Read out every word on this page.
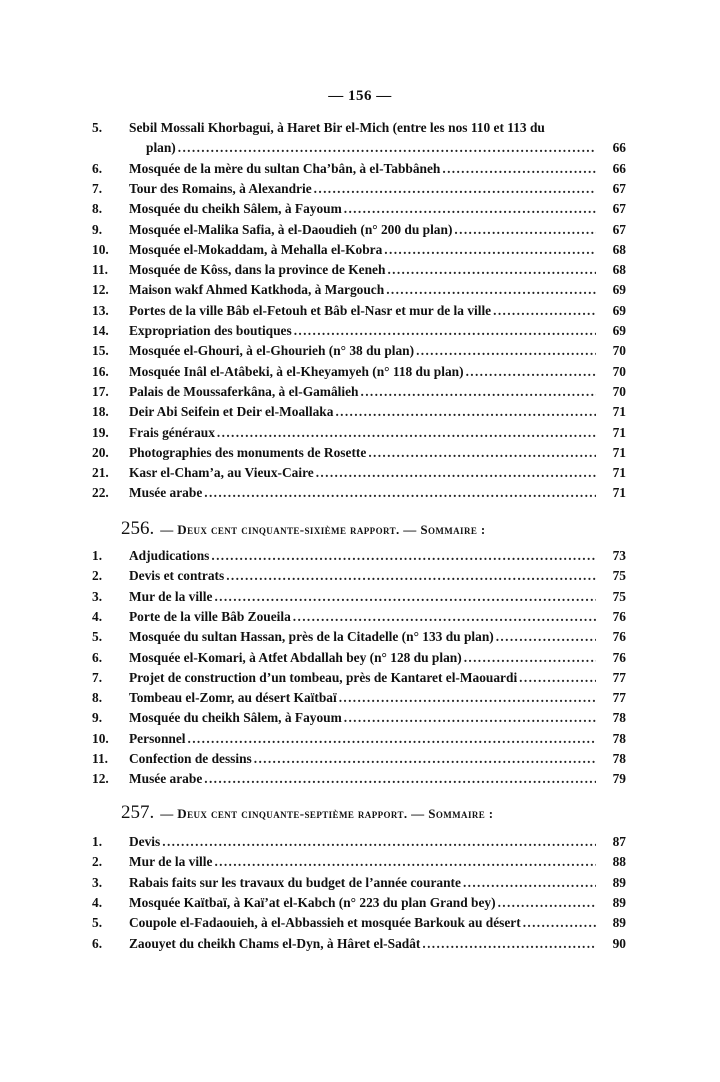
— 156 —
5.	Sebil Mossali Khorbagui, à Haret Bir el-Mich (entre les nos 110 et 113 du
plan) . . .	66
6.	Mosquée de la mère du sultan Cha’bân, à el-Tabbâneh . . .	66
7.	Tour des Romains, à Alexandrie . . .	67
8.	Mosquée du cheikh Sâlem, à Fayoum . . .	67
9.	Mosquée el-Malika Safia, à el-Daoudieh (n° 200 du plan) . . .	67
10.	Mosquée el-Mokaddam, à Mehalla el-Kobra . . .	68
11.	Mosquée de Kôss, dans la province de Keneh . . .	68
12.	Maison wakf Ahmed Katkhoda, à Margouch . . .	69
13.	Portes de la ville Bâb el-Fetouh et Bâb el-Nasr et mur de la ville . . .	69
14.	Expropriation des boutiques . . .	69
15.	Mosquée el-Ghouri, à el-Ghourieh (n° 38 du plan) . . .	70
16.	Mosquée Inâl el-Atâbeki, à el-Kheyamyeh (n° 118 du plan) . . .	70
17.	Palais de Moussaferkâna, à el-Gamâlieh . . .	70
18.	Deir Abi Seifein et Deir el-Moallaka . . .	71
19.	Frais généraux . . .	71
20.	Photographies des monuments de Rosette . . .	71
21.	Kasr el-Cham’a, au Vieux-Caire . . .	71
22.	Musée arabe . . .	71
256. — Deux cent cinquante-sixième rapport. — Sommaire :
1.	Adjudications . . .	73
2.	Devis et contrats . . .	75
3.	Mur de la ville . . .	75
4.	Porte de la ville Bâb Zoueila . . .	76
5.	Mosquée du sultan Hassan, près de la Citadelle (n° 133 du plan) . . .	76
6.	Mosquée el-Komari, à Atfet Abdallah bey (n° 128 du plan) . . .	76
7.	Projet de construction d’un tombeau, près de Kantaret el-Maouardi . . .	77
8.	Tombeau el-Zomr, au désert Kaïtbaï . . .	77
9.	Mosquée du cheikh Sâlem, à Fayoum . . .	78
10.	Personnel . . .	78
11.	Confection de dessins . . .	78
12.	Musée arabe . . .	79
257. — Deux cent cinquante-septième rapport. — Sommaire :
1.	Devis . . .	87
2.	Mur de la ville . . .	88
3.	Rabais faits sur les travaux du budget de l’année courante . . .	89
4.	Mosquée Kaïtbaï, à Kaï’at el-Kabch (n° 223 du plan Grand bey) . . .	89
5.	Coupole el-Fadaouieh, à el-Abbassieh et mosquée Barkouk au désert . . .	89
6.	Zaouyet du cheikh Chams el-Dyn, à Hâret el-Sadât . . .	90
